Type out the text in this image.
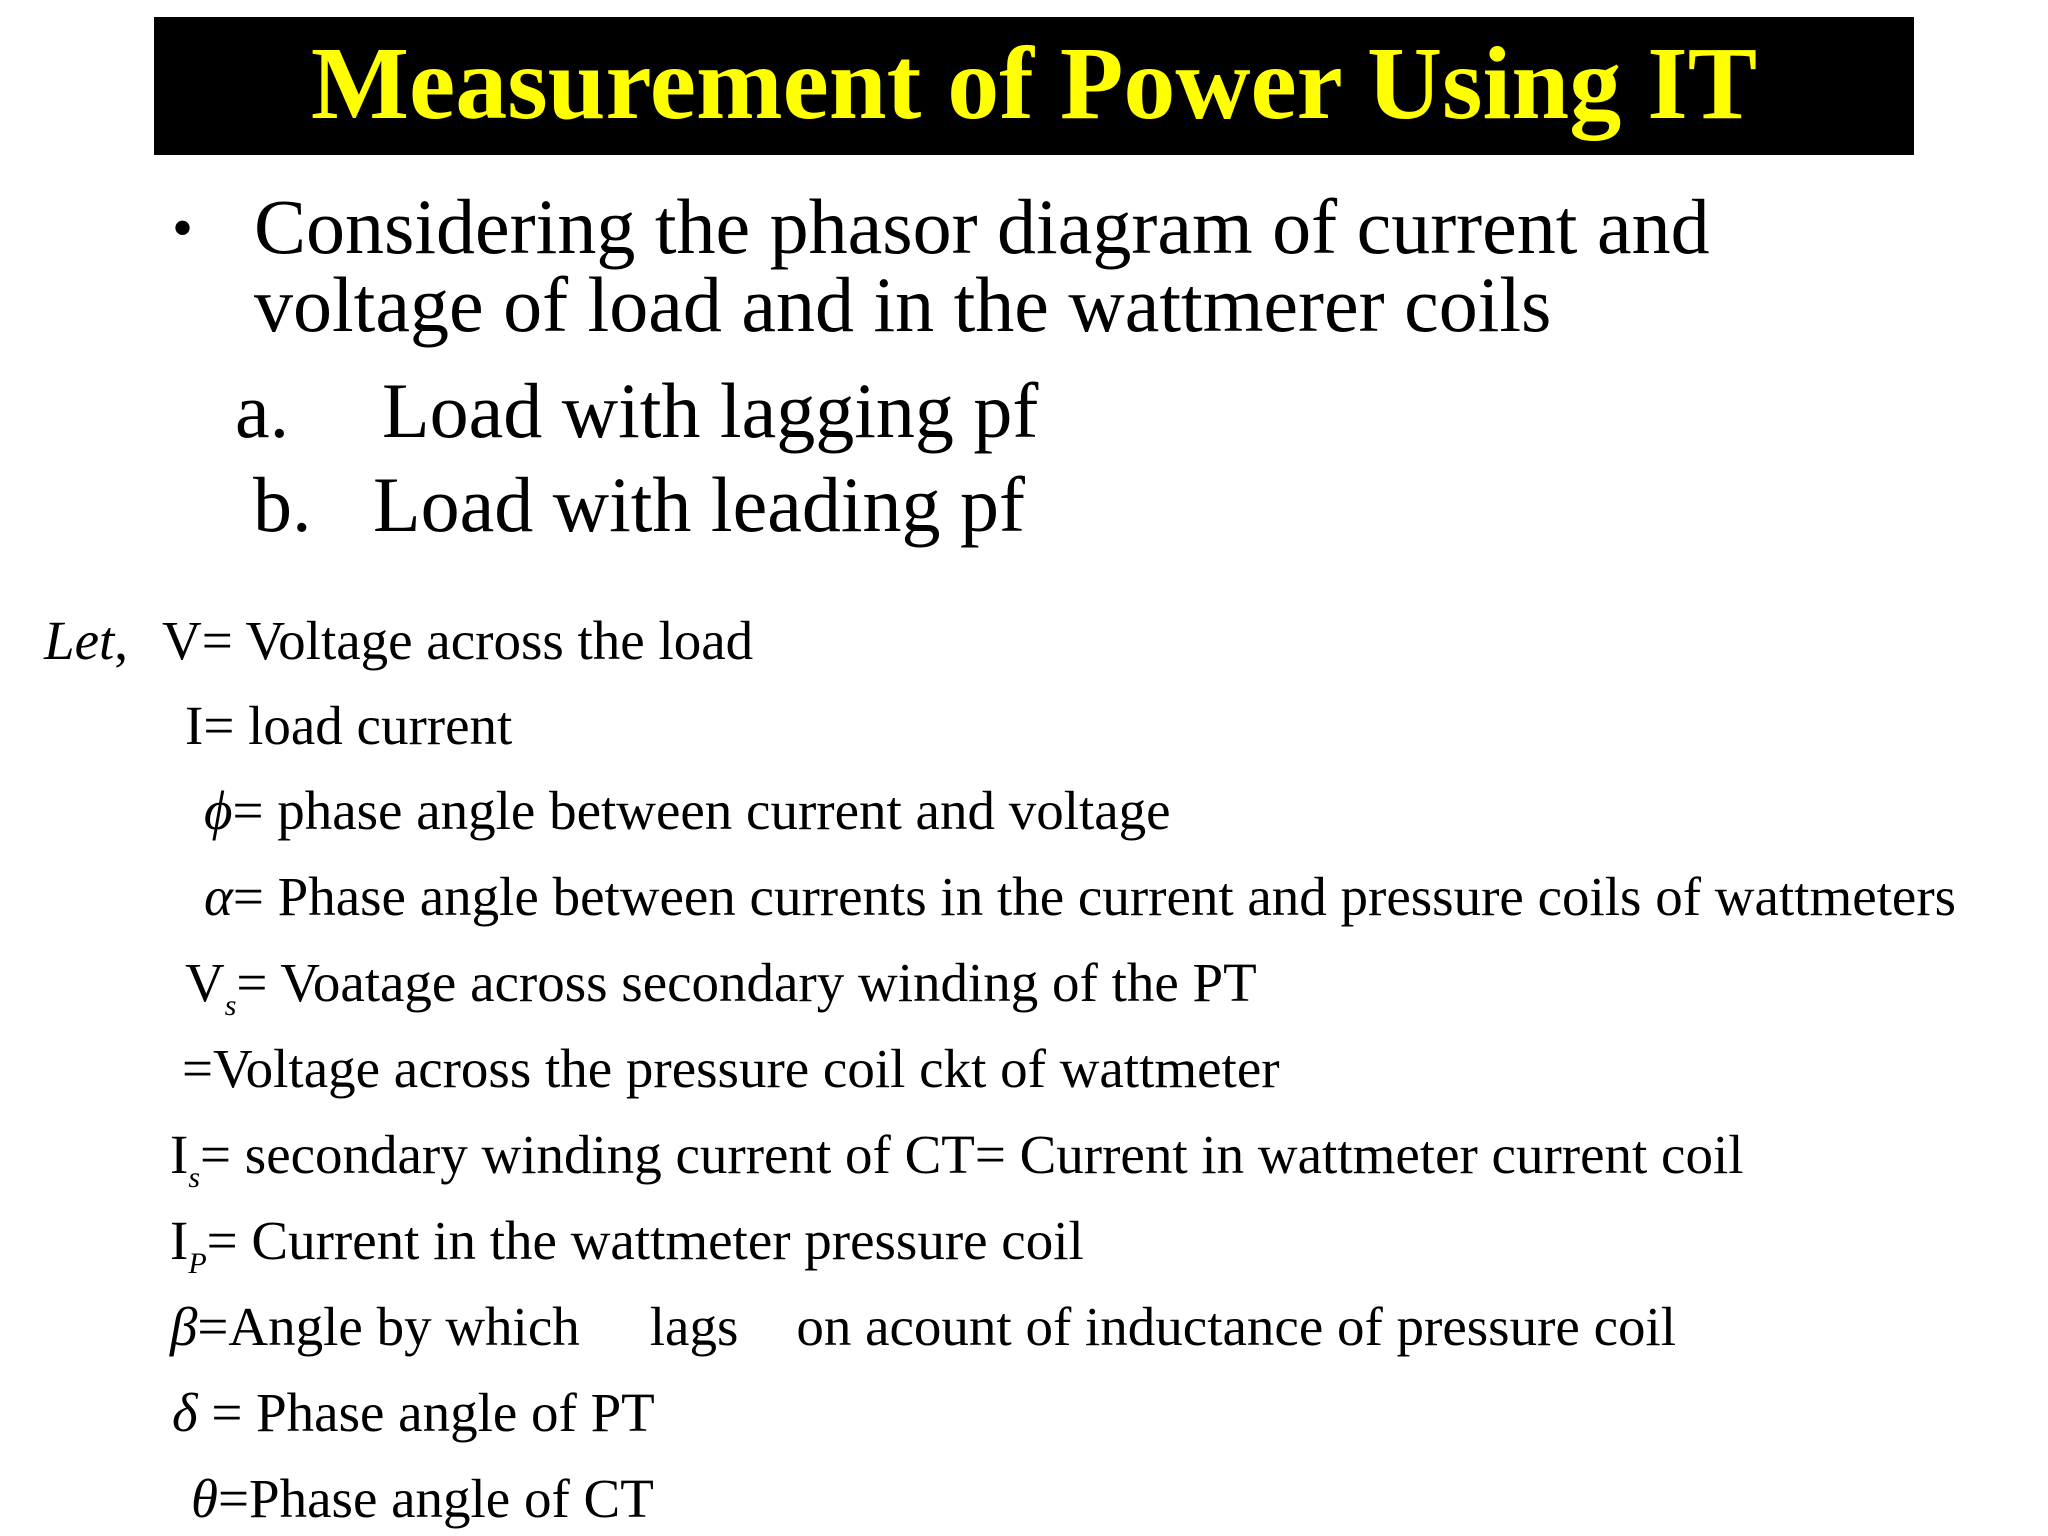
Measurement of Power Using IT
• Considering the phasor diagram of current and voltage of load and in the wattmerer coils
a. Load with lagging pf
b. Load with leading pf
Let, V= Voltage across the load
I= load current
ϕ= phase angle between current and voltage
α= Phase angle between currents in the current and pressure coils of wattmeters
$V_s=$ Voatage across secondary winding of the PT
=Voltage across the pressure coil ckt of wattmeter
$I_s=$ secondary winding current of CT= Current in wattmeter current coil
$I_P=$ Current in the wattmeter pressure coil
β=Angle by which lags on acount of inductance of pressure coil
δ = Phase angle of PT
θ=Phase angle of CT
